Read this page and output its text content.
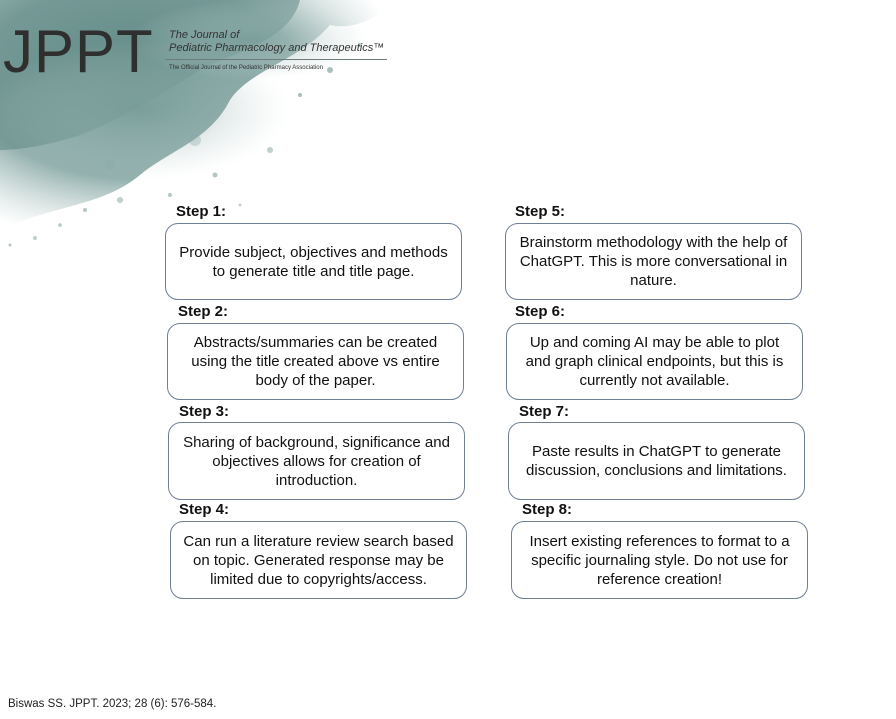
JPPT The Journal of
Pediatric Pharmacology and Therapeutics™
The Official Journal of the Pediatric Pharmacy Association
Step 1:
Provide subject, objectives and methods to generate title and title page.
Step 2:
Abstracts/summaries can be created using the title created above vs entire body of the paper.
Step 3:
Sharing of background, significance and objectives allows for creation of introduction.
Step 4:
Can run a literature review search based on topic. Generated response may be limited due to copyrights/access.
Step 5:
Brainstorm methodology with the help of ChatGPT. This is more conversational in nature.
Step 6:
Up and coming AI may be able to plot and graph clinical endpoints, but this is currently not available.
Step 7:
Paste results in ChatGPT to generate discussion, conclusions and limitations.
Step 8:
Insert existing references to format to a specific journaling style. Do not use for reference creation!
Biswas SS. JPPT. 2023; 28 (6): 576-584.
